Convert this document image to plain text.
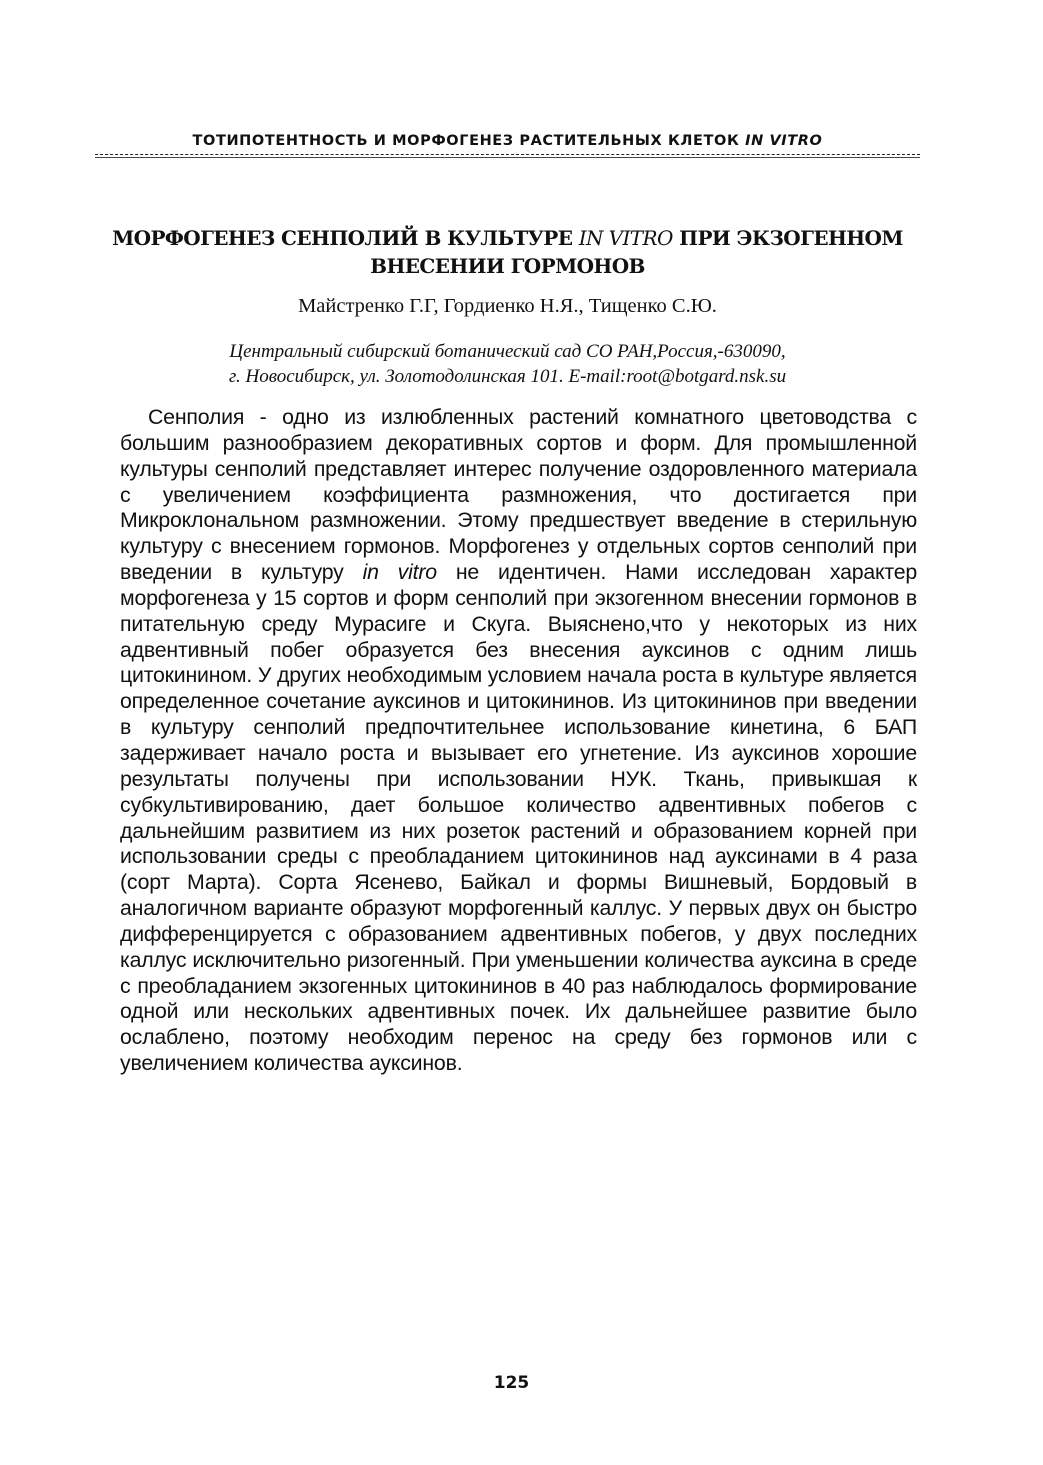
ТОТИПОТЕНТНОСТЬ И МОРФОГЕНЕЗ РАСТИТЕЛЬНЫХ КЛЕТОК IN VITRO
МОРФОГЕНЕЗ СЕНПОЛИЙ В КУЛЬТУРЕ IN VITRO ПРИ ЭКЗОГЕННОМ ВНЕСЕНИИ ГОРМОНОВ
Майстренко Г.Г, Гордиенко Н.Я., Тищенко С.Ю.
Центральный сибирский ботанический сад СО РАН,Россия,-630090,
г. Новосибирск, ул. Золотодолинская 101. E-mail:root@botgard.nsk.su

Сенполия - одно из излюбленных растений комнатного цветоводства с большим разнообразием декоративных сортов и форм. Для промышленной культуры сенполий представляет интерес получение оздоровленного материала с увеличением коэффициента размножения, что достигается при Микроклональном размножении. Этому предшествует введение в стерильную культуру с внесением гормонов. Морфогенез у отдельных сортов сенполий при введении в культуру in vitro не идентичен. Нами исследован характер морфогенеза у 15 сортов и форм сенполий при экзогенном внесении гормонов в питательную среду Мурасиге и Скуга. Выяснено,что у некоторых из них адвентивный побег образуется без внесения ауксинов с одним лишь цитокинином. У других необходимым условием начала роста в культуре является определенное сочетание ауксинов и цитокининов. Из цитокининов при введении в культуру сенполий предпочтительнее использование кинетина, 6 БАП задерживает начало роста и вызывает его угнетение. Из ауксинов хорошие результаты получены при использовании НУК. Ткань, привыкшая к субкультивированию, дает большое количество адвентивных побегов с дальнейшим развитием из них розеток растений и образованием корней при использовании среды с преобладанием цитокининов над ауксинами в 4 раза (сорт Марта). Сорта Ясенево, Байкал и формы Вишневый, Бордовый в аналогичном варианте образуют морфогенный каллус. У первых двух он быстро дифференцируется с образованием адвентивных побегов, у двух последних каллус исключительно ризогенный. При уменьшении количества ауксина в среде с преобладанием экзогенных цитокининов в 40 раз наблюдалось формирование одной или нескольких адвентивных почек. Их дальнейшее развитие было ослаблено, поэтому необходим перенос на среду без гормонов или с увеличением количества ауксинов.

125
